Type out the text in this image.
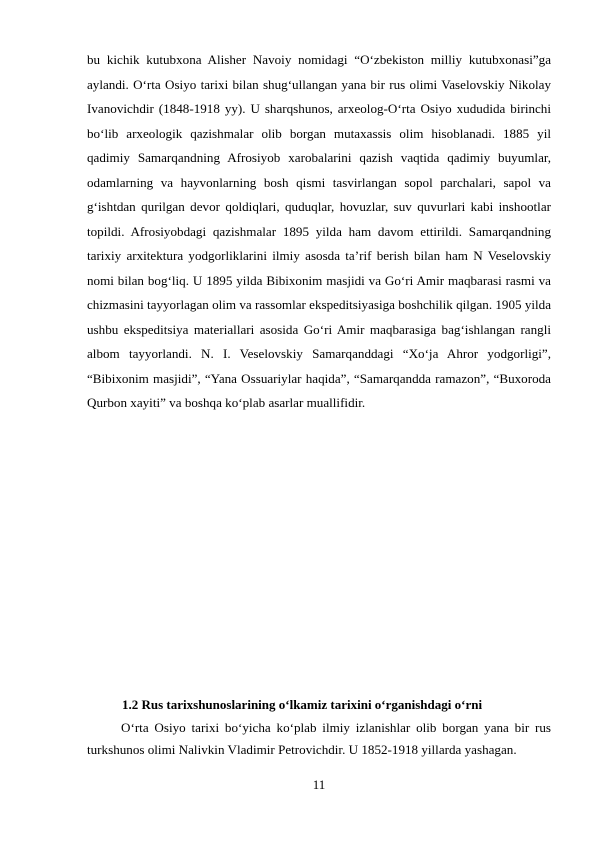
bu kichik kutubxona Alisher Navoiy nomidagi “O‘zbekiston milliy kutubxonasi”ga aylandi. O‘rta Osiyo tarixi bilan shug‘ullangan yana bir rus olimi Vaselovskiy Nikolay Ivanovichdir (1848-1918 yy). U sharqshunos, arxeolog-O‘rta Osiyo xududida birinchi bo‘lib arxeologik qazishmalar olib borgan mutaxassis olim hisoblanadi. 1885 yil qadimiy Samarqandning Afrosiyob xarobalarini qazish vaqtida qadimiy buyumlar, odamlarning va hayvonlarning bosh qismi tasvirlangan sopol parchalari, sapol va g‘ishtdan qurilgan devor qoldiqlari, quduqlar, hovuzlar, suv quvurlari kabi inshootlar topildi. Afrosiyobdagi qazishmalar 1895 yilda ham davom ettirildi. Samarqandning tarixiy arxitektura yodgorliklarini ilmiy asosda ta’rif berish bilan ham N Veselovskiy nomi bilan bog‘liq. U 1895 yilda Bibixonim masjidi va Go‘ri Amir maqbarasi rasmi va chizmasini tayyorlagan olim va rassomlar ekspeditsiyasiga boshchilik qilgan. 1905 yilda ushbu ekspeditsiya materiallari asosida Go‘ri Amir maqbarasiga bag‘ishlangan rangli albom tayyorlandi. N. I. Veselovskiy Samarqanddagi “Xo‘ja Ahror yodgorligi”, “Bibixonim masjidi”, “Yana Ossuariylar haqida”, “Samarqandda ramazon”, “Buxoroda Qurbon xayiti” va boshqa ko‘plab asarlar muallifidir.

1.2 Rus tarixshunoslarining o‘lkamiz tarixini o‘rganishdagi o‘rni

O‘rta Osiyo tarixi bo‘yicha ko‘plab ilmiy izlanishlar olib borgan yana bir rus turkshunos olimi Nalivkin Vladimir Petrovichdir. U 1852-1918 yillarda yashagan.

11
